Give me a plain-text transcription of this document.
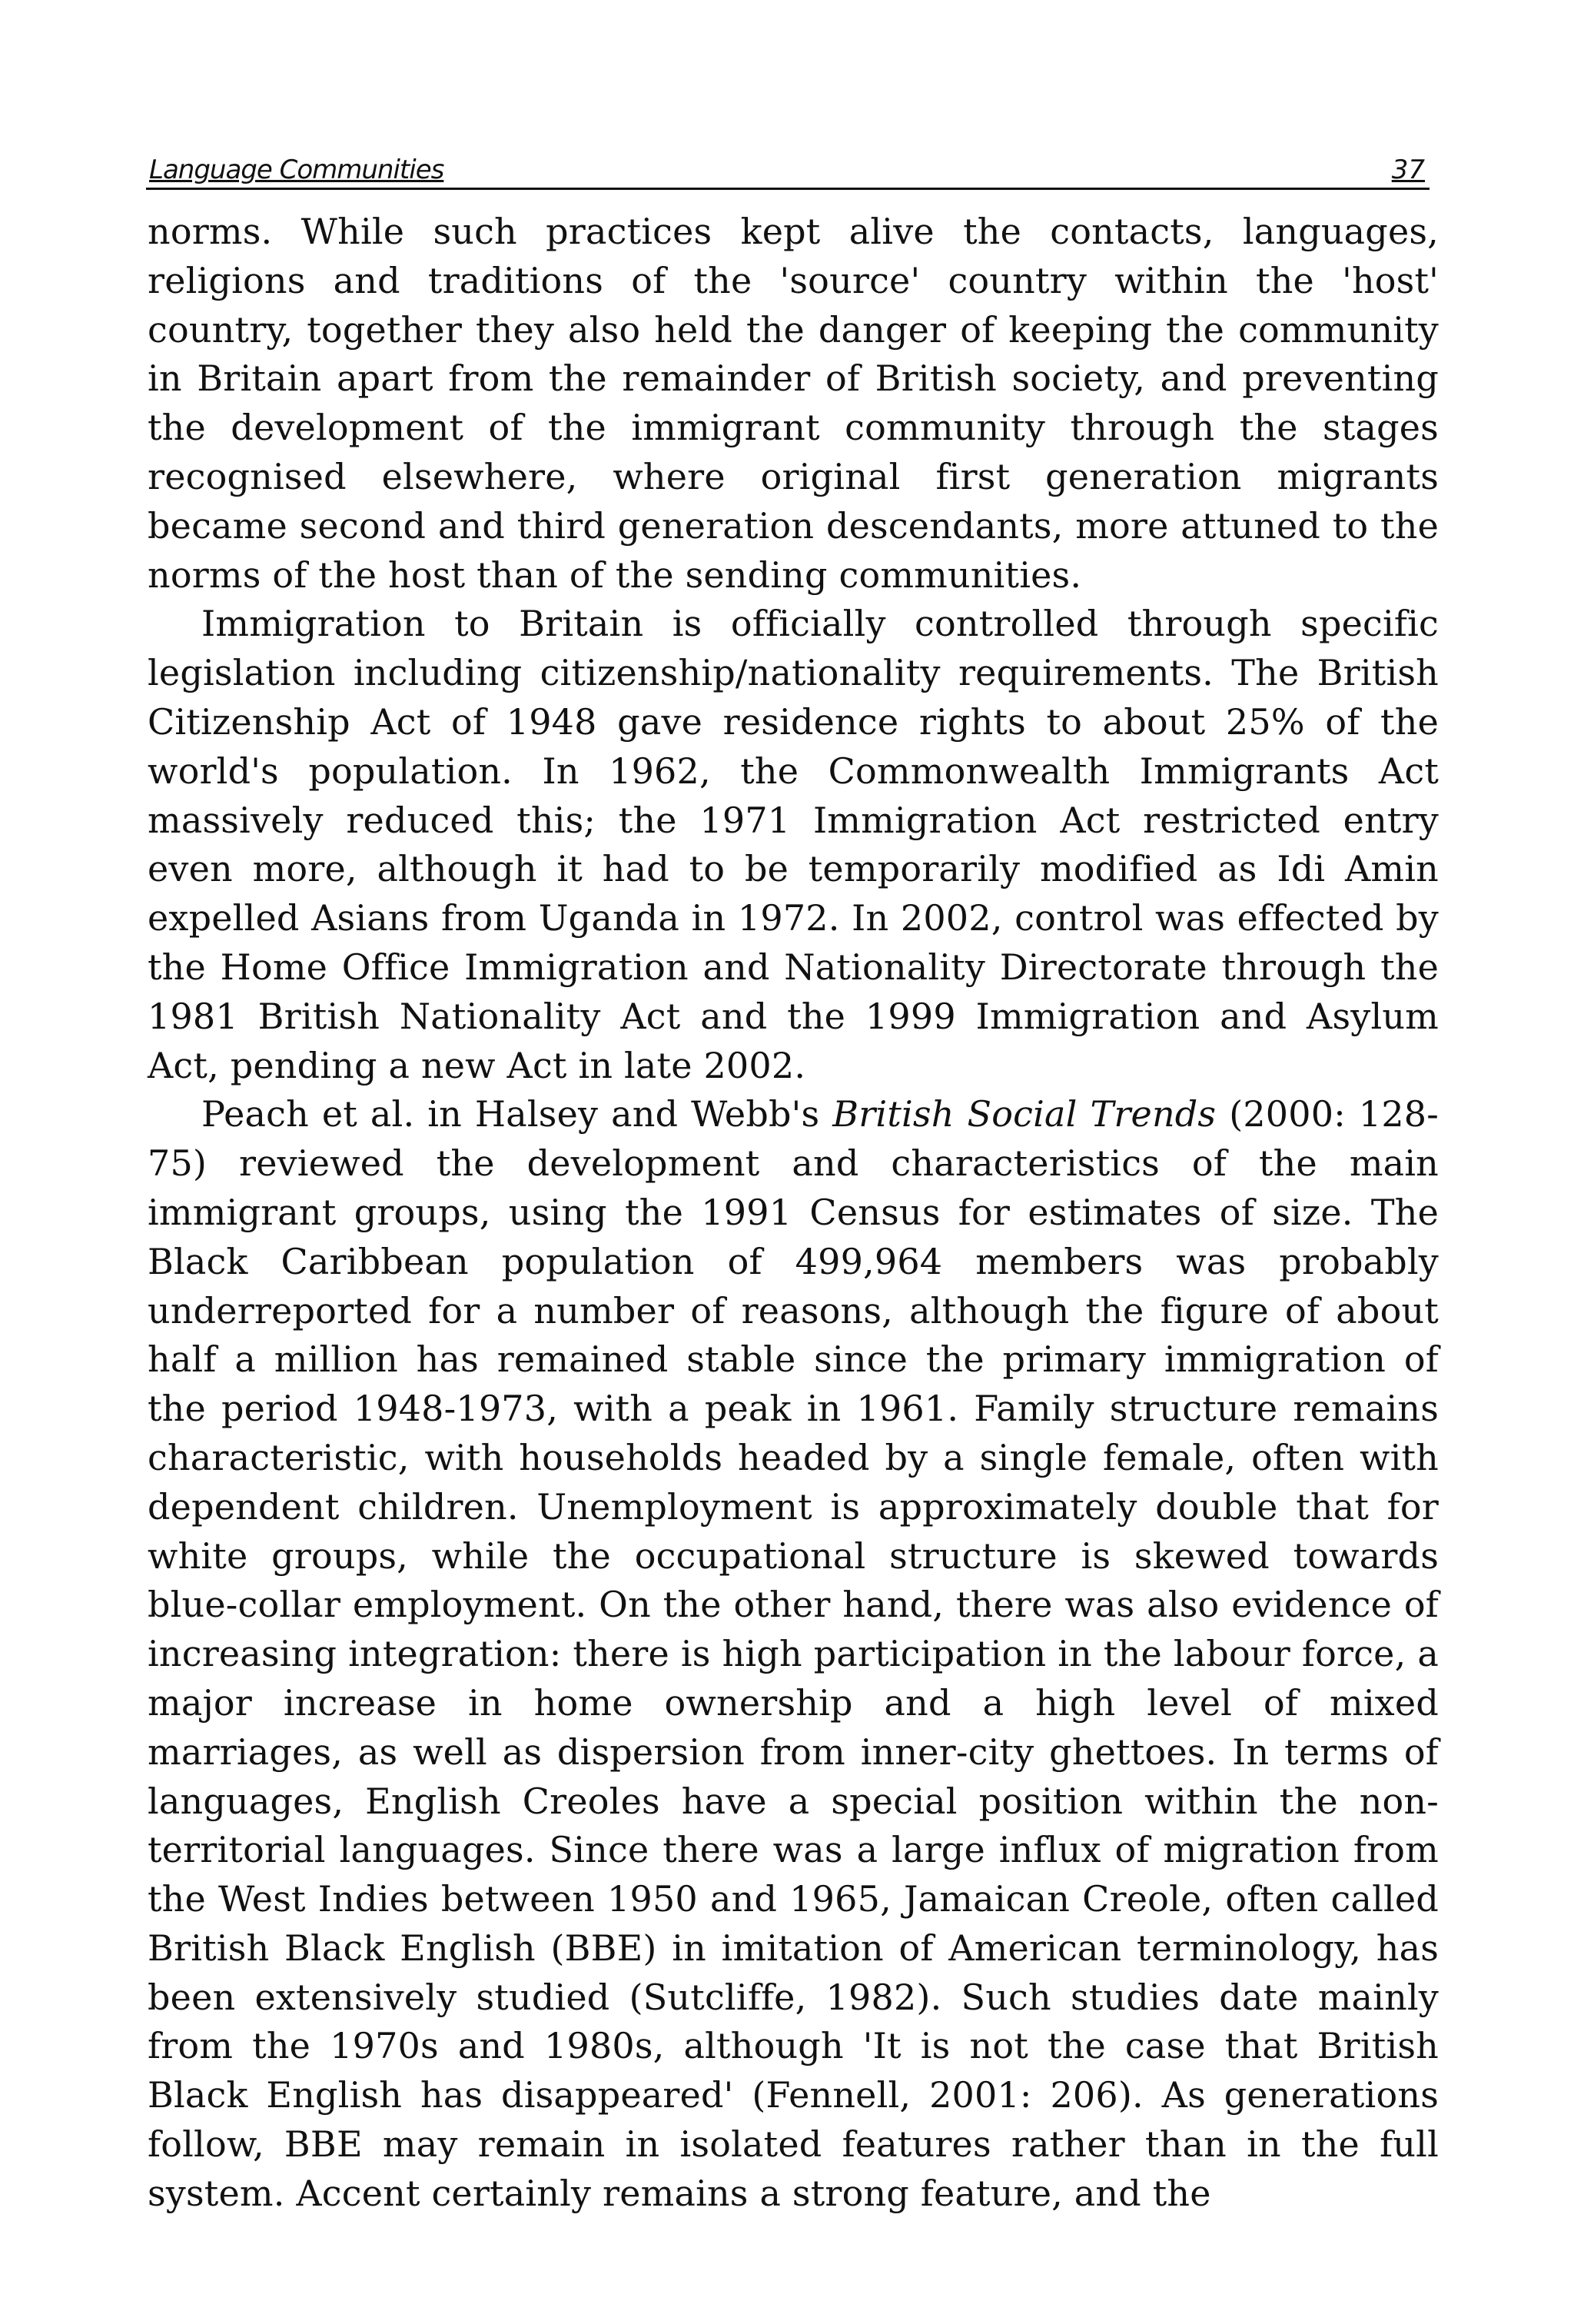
Language Communities	37

norms. While such practices kept alive the contacts, languages, religions and traditions of the 'source' country within the 'host' country, together they also held the danger of keeping the community in Britain apart from the remainder of British society, and preventing the development of the immigrant community through the stages recognised elsewhere, where original first generation migrants became second and third generation descendants, more attuned to the norms of the host than of the sending communities.

Immigration to Britain is officially controlled through specific legislation including citizenship/nationality requirements. The British Citizenship Act of 1948 gave residence rights to about 25% of the world's population. In 1962, the Commonwealth Immigrants Act massively reduced this; the 1971 Immigration Act restricted entry even more, although it had to be temporarily modified as Idi Amin expelled Asians from Uganda in 1972. In 2002, control was effected by the Home Office Immigration and Nationality Directorate through the 1981 British Nationality Act and the 1999 Immigration and Asylum Act, pending a new Act in late 2002.

Peach et al. in Halsey and Webb's British Social Trends (2000: 128-75) reviewed the development and characteristics of the main immigrant groups, using the 1991 Census for estimates of size. The Black Caribbean population of 499,964 members was probably underreported for a number of reasons, although the figure of about half a million has remained stable since the primary immigration of the period 1948-1973, with a peak in 1961. Family structure remains characteristic, with households headed by a single female, often with dependent children. Unemployment is approximately double that for white groups, while the occupational structure is skewed towards blue-collar employment. On the other hand, there was also evidence of increasing integration: there is high participation in the labour force, a major increase in home ownership and a high level of mixed marriages, as well as dispersion from inner-city ghettoes. In terms of languages, English Creoles have a special position within the non-territorial languages. Since there was a large influx of migration from the West Indies between 1950 and 1965, Jamaican Creole, often called British Black English (BBE) in imitation of American terminology, has been extensively studied (Sutcliffe, 1982). Such studies date mainly from the 1970s and 1980s, although 'It is not the case that British Black English has disappeared' (Fennell, 2001: 206). As generations follow, BBE may remain in isolated features rather than in the full system. Accent certainly remains a strong feature, and the
